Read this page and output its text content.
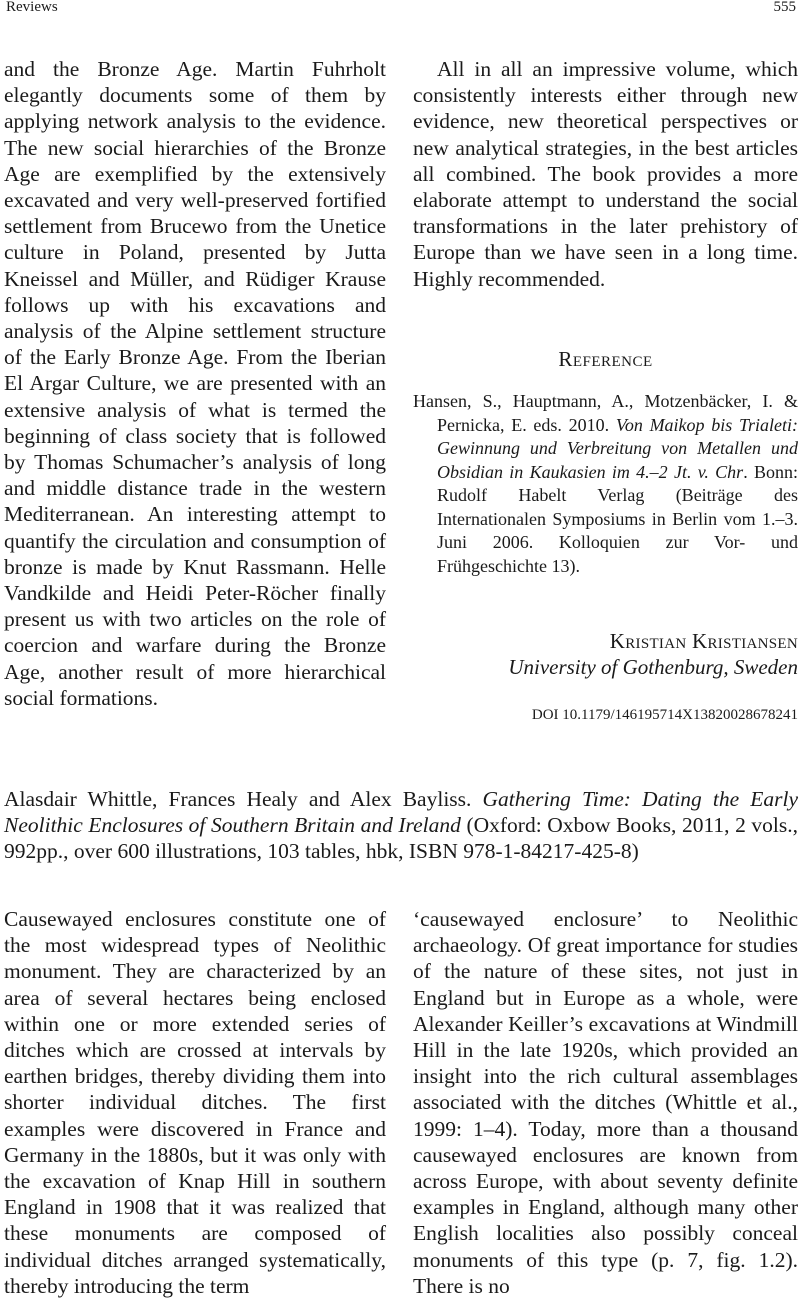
Reviews	555

and the Bronze Age. Martin Fuhrholt elegantly documents some of them by applying network analysis to the evidence. The new social hierarchies of the Bronze Age are exemplified by the extensively excavated and very well-preserved fortified settlement from Brucewo from the Unetice culture in Poland, presented by Jutta Kneissel and Müller, and Rüdiger Krause follows up with his excavations and analysis of the Alpine settlement structure of the Early Bronze Age. From the Iberian El Argar Culture, we are presented with an extensive analysis of what is termed the beginning of class society that is followed by Thomas Schumacher’s analysis of long and middle distance trade in the western Mediterranean. An interesting attempt to quantify the circulation and consumption of bronze is made by Knut Rassmann. Helle Vandkilde and Heidi Peter-Röcher finally present us with two articles on the role of coercion and warfare during the Bronze Age, another result of more hierarchical social formations.

All in all an impressive volume, which consistently interests either through new evidence, new theoretical perspectives or new analytical strategies, in the best articles all combined. The book provides a more elaborate attempt to understand the social transformations in the later prehistory of Europe than we have seen in a long time. Highly recommended.

Reference
Hansen, S., Hauptmann, A., Motzenbäcker, I. & Pernicka, E. eds. 2010. Von Maikop bis Trialeti: Gewinnung und Verbreitung von Metallen und Obsidian in Kaukasien im 4.–2 Jt. v. Chr. Bonn: Rudolf Habelt Verlag (Beiträge des Internationalen Symposiums in Berlin vom 1.–3. Juni 2006. Kolloquien zur Vor- und Frühgeschichte 13).
Kristian Kristiansen
University of Gothenburg, Sweden
DOI 10.1179/146195714X13820028678241
Alasdair Whittle, Frances Healy and Alex Bayliss. Gathering Time: Dating the Early Neolithic Enclosures of Southern Britain and Ireland (Oxford: Oxbow Books, 2011, 2 vols., 992pp., over 600 illustrations, 103 tables, hbk, ISBN 978-1-84217-425-8)

Causewayed enclosures constitute one of the most widespread types of Neolithic monument. They are characterized by an area of several hectares being enclosed within one or more extended series of ditches which are crossed at intervals by earthen bridges, thereby dividing them into shorter individual ditches. The first examples were discovered in France and Germany in the 1880s, but it was only with the excavation of Knap Hill in southern England in 1908 that it was realized that these monuments are composed of individual ditches arranged systematically, thereby introducing the term

‘causewayed enclosure’ to Neolithic archaeology. Of great importance for studies of the nature of these sites, not just in England but in Europe as a whole, were Alexander Keiller’s excavations at Windmill Hill in the late 1920s, which provided an insight into the rich cultural assemblages associated with the ditches (Whittle et al., 1999: 1–4). Today, more than a thousand causewayed enclosures are known from across Europe, with about seventy definite examples in England, although many other English localities also possibly conceal monuments of this type (p. 7, fig. 1.2). There is no
